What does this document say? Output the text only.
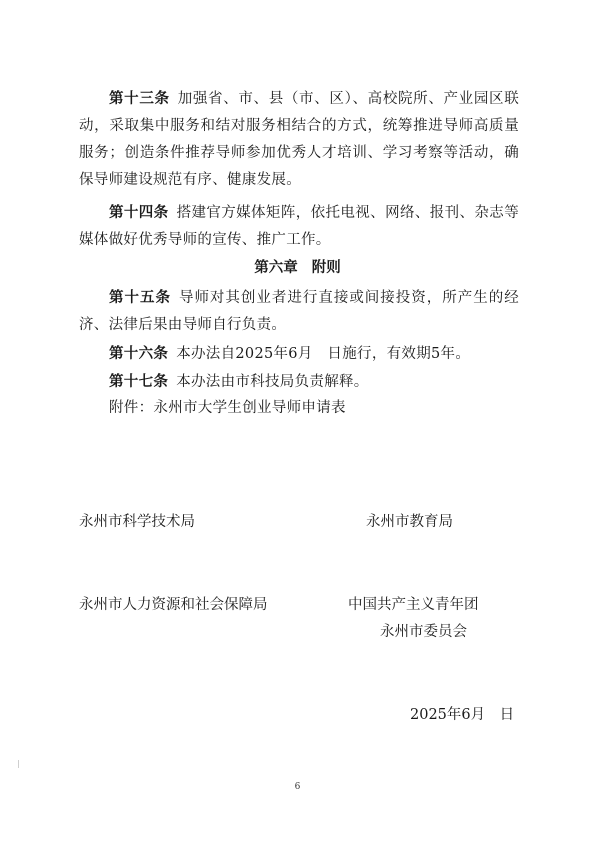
第十三条 加强省、市、县（市、区）、高校院所、产业园区联动，采取集中服务和结对服务相结合的方式，统筹推进导师高质量服务；创造条件推荐导师参加优秀人才培训、学习考察等活动，确保导师建设规范有序、健康发展。

第十四条 搭建官方媒体矩阵，依托电视、网络、报刊、杂志等媒体做好优秀导师的宣传、推广工作。

第六章 附则

第十五条 导师对其创业者进行直接或间接投资，所产生的经济、法律后果由导师自行负责。

第十六条 本办法自2025年6月　日施行，有效期5年。

第十七条 本办法由市科技局负责解释。

附件：永州市大学生创业导师申请表

永州市科学技术局	永州市教育局

永州市人力资源和社会保障局	中国共产主义青年团

永州市委员会

2025年6月　日
6
